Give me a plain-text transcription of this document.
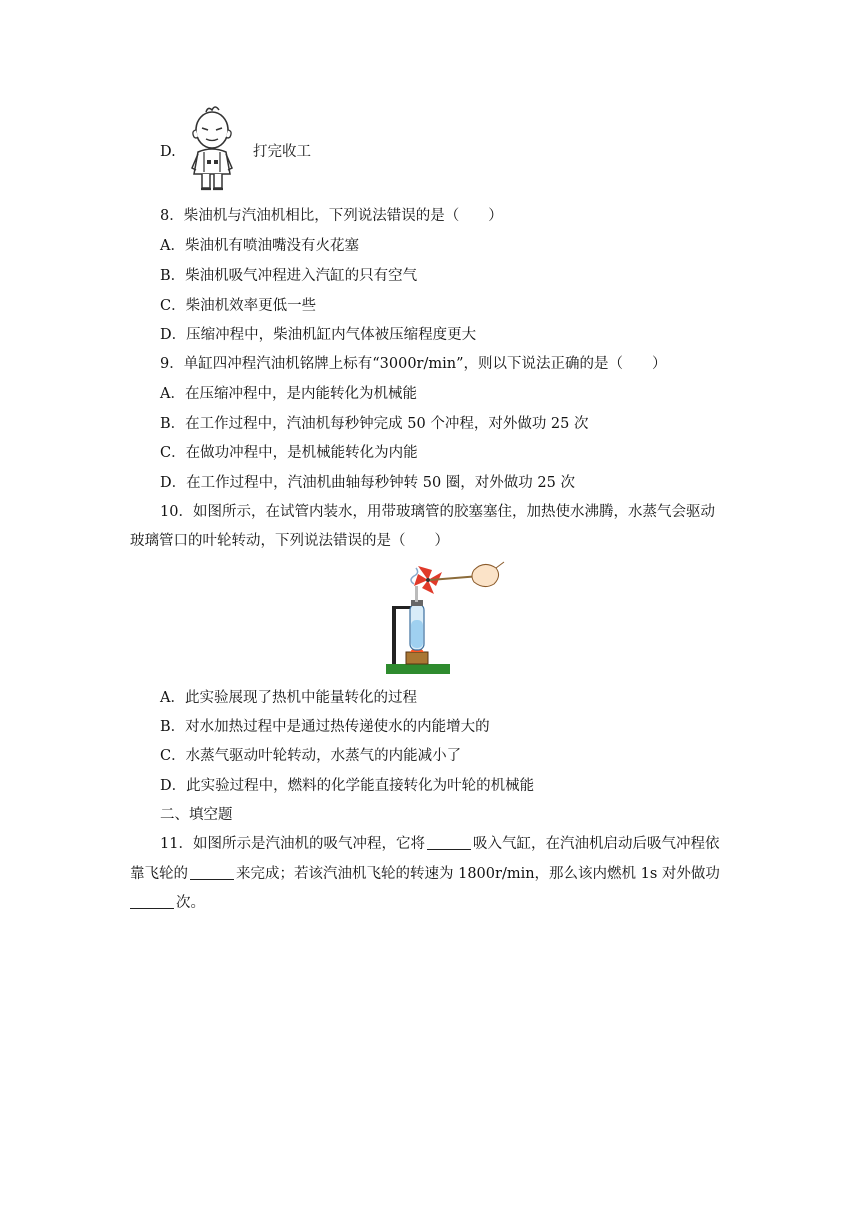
D.	打完收工
8．柴油机与汽油机相比，下列说法错误的是（　　）
A．柴油机有喷油嘴没有火花塞
B．柴油机吸气冲程进入汽缸的只有空气
C．柴油机效率更低一些
D．压缩冲程中，柴油机缸内气体被压缩程度更大
9．单缸四冲程汽油机铭牌上标有“3000r/min”，则以下说法正确的是（　　）
A．在压缩冲程中，是内能转化为机械能
B．在工作过程中，汽油机每秒钟完成 50 个冲程，对外做功 25 次
C．在做功冲程中，是机械能转化为内能
D．在工作过程中，汽油机曲轴每秒钟转 50 圈，对外做功 25 次
10．如图所示，在试管内装水，用带玻璃管的胶塞塞住，加热使水沸腾，水蒸气会驱动
玻璃管口的叶轮转动，下列说法错误的是（　　）
A．此实验展现了热机中能量转化的过程
B．对水加热过程中是通过热传递使水的内能增大的
C．水蒸气驱动叶轮转动，水蒸气的内能减小了
D．此实验过程中，燃料的化学能直接转化为叶轮的机械能
二、填空题
11．如图所示是汽油机的吸气冲程，它将	吸入气缸，在汽油机启动后吸气冲程依
靠飞轮的	来完成；若该汽油机飞轮的转速为 1800r/min，那么该内燃机 1s 对外做功
次。
